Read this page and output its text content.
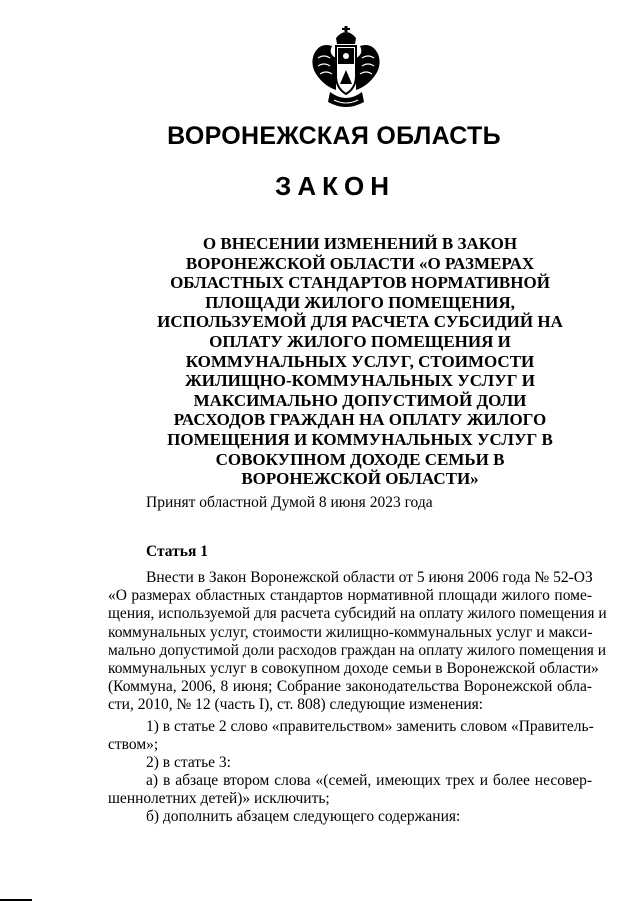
ВОРОНЕЖСКАЯ ОБЛАСТЬ
ЗАКОН
О ВНЕСЕНИИ ИЗМЕНЕНИЙ В ЗАКОН
ВОРОНЕЖСКОЙ ОБЛАСТИ «О РАЗМЕРАХ
ОБЛАСТНЫХ СТАНДАРТОВ НОРМАТИВНОЙ
ПЛОЩАДИ ЖИЛОГО ПОМЕЩЕНИЯ,
ИСПОЛЬЗУЕМОЙ ДЛЯ РАСЧЕТА СУБСИДИЙ НА
ОПЛАТУ ЖИЛОГО ПОМЕЩЕНИЯ И
КОММУНАЛЬНЫХ УСЛУГ, СТОИМОСТИ
ЖИЛИЩНО-КОММУНАЛЬНЫХ УСЛУГ И
МАКСИМАЛЬНО ДОПУСТИМОЙ ДОЛИ
РАСХОДОВ ГРАЖДАН НА ОПЛАТУ ЖИЛОГО
ПОМЕЩЕНИЯ И КОММУНАЛЬНЫХ УСЛУГ В
СОВОКУПНОМ ДОХОДЕ СЕМЬИ В
ВОРОНЕЖСКОЙ ОБЛАСТИ»

Принят областной Думой 8 июня 2023 года

Статья 1

Внести в Закон Воронежской области от 5 июня 2006 года № 52-ОЗ
«О размерах областных стандартов нормативной площади жилого поме-
щения, используемой для расчета субсидий на оплату жилого помещения и
коммунальных услуг, стоимости жилищно-коммунальных услуг и макси-
мально допустимой доли расходов граждан на оплату жилого помещения и
коммунальных услуг в совокупном доходе семьи в Воронежской области»
(Коммуна, 2006, 8 июня; Собрание законодательства Воронежской обла-
сти, 2010, № 12 (часть I), ст. 808) следующие изменения:
1) в статье 2 слово «правительством» заменить словом «Правитель-
ством»;
2) в статье 3:
а) в абзаце втором слова «(семей, имеющих трех и более несовер-
шеннолетних детей)» исключить;
б) дополнить абзацем следующего содержания:
